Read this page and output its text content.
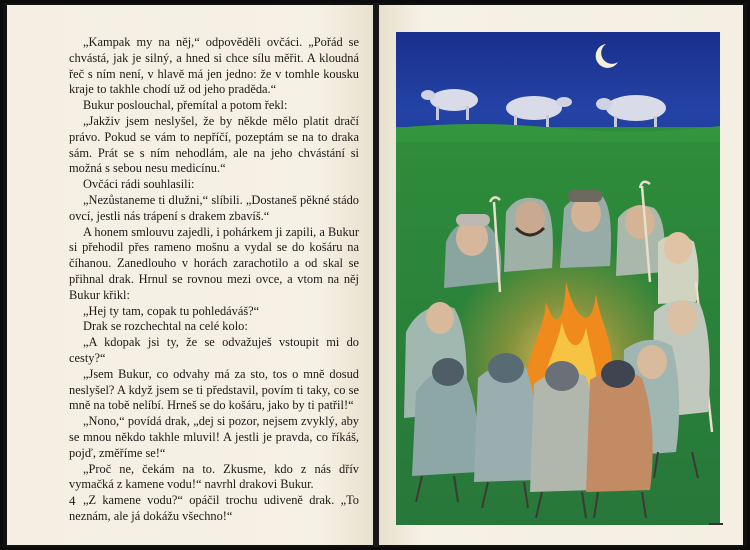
„Kampak my na něj,“ odpověděli ovčáci. „Pořád se chvástá, jak je silný, a hned si chce sílu měřit. A kloudná řeč s ním není, v hlavě má jen jedno: že v tomhle kousku kraje to takhle chodí už od jeho praděda.“

Bukur poslouchal, přemítal a potom řekl:

„Jakživ jsem neslyšel, že by někde mělo platit dračí právo. Pokud se vám to nepříčí, pozeptám se na to draka sám. Prát se s ním nehodlám, ale na jeho chvástání si možná s sebou nesu medicínu.“

Ovčáci rádi souhlasili:

„Nezůstaneme ti dlužni,“ slíbili. „Dostaneš pěkné stádo ovcí, jestli nás trápení s drakem zbavíš.“

A honem smlouvu zajedli, i pohárkem ji zapili, a Bukur si přehodil přes rameno mošnu a vydal se do košáru na číhanou. Zanedlouho v horách zarachotilo a od skal se přihnal drak. Hrnul se rovnou mezi ovce, a vtom na něj Bukur křikl:

„Hej ty tam, copak tu pohledáváš?“

Drak se rozchechtal na celé kolo:

„A kdopak jsi ty, že se odvažuješ vstoupit mi do cesty?“

„Jsem Bukur, co odvahy má za sto, tos o mně dosud neslyšel? A když jsem se ti představil, povím ti taky, co se mně na tobě nelíbí. Hrneš se do košáru, jako by ti patřil!“

„Nono,“ povídá drak, „dej si pozor, nejsem zvyklý, aby se mnou někdo takhle mluvil! A jestli je pravda, co říkáš, pojď, změříme se!“

„Proč ne, čekám na to. Zkusme, kdo z nás dřív vymačká z kamene vodu!“ navrhl drakovi Bukur.

„Z kamene vodu?“ opáčil trochu udiveně drak. „To neznám, ale já dokážu všechno!“

4
